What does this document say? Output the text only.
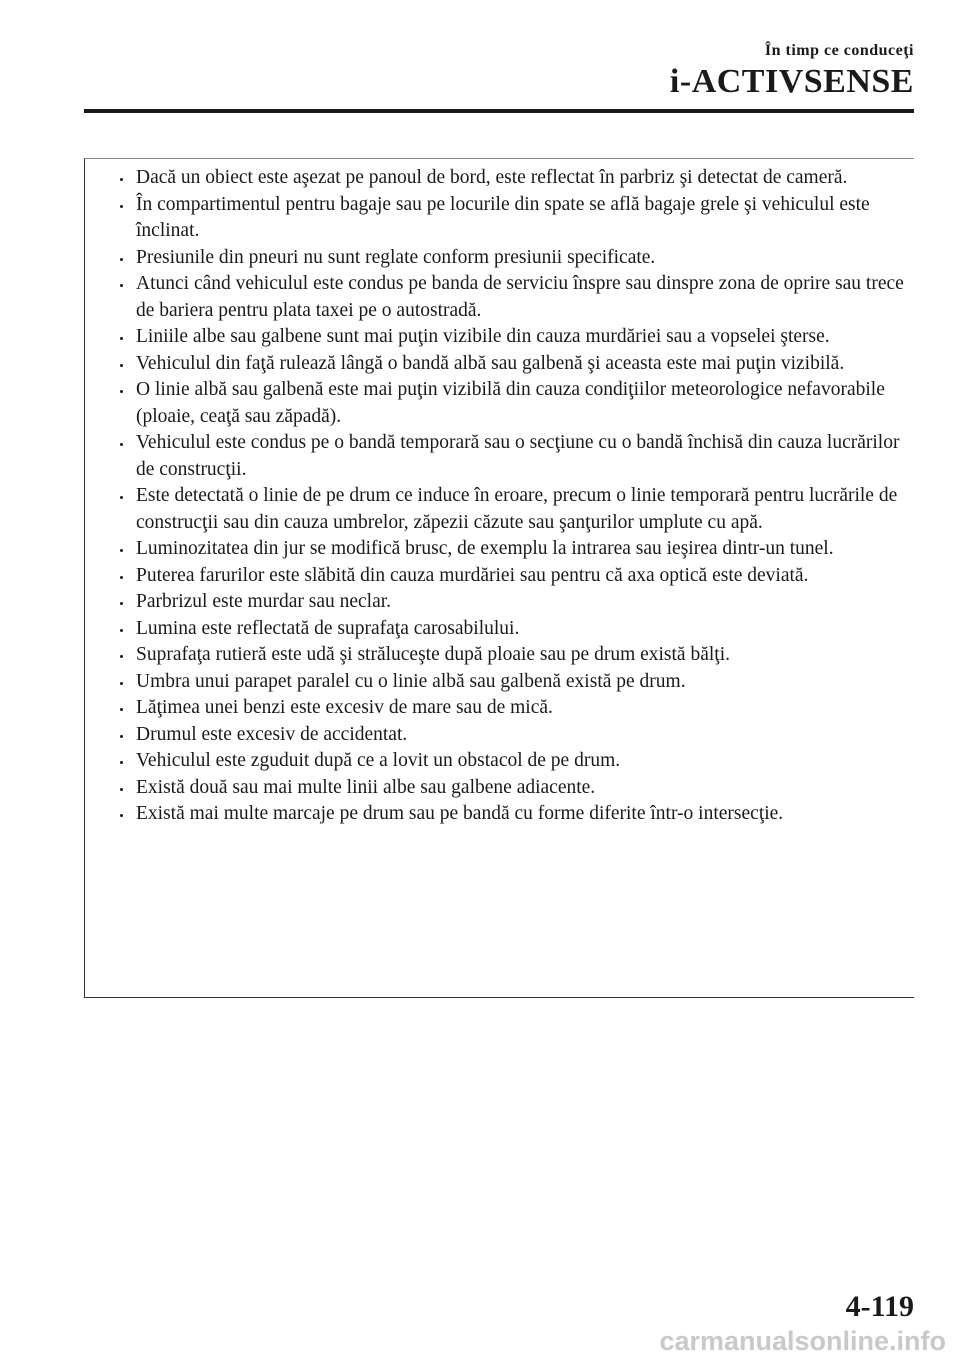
În timp ce conduceţi
i-ACTIVSENSE
Dacă un obiect este aşezat pe panoul de bord, este reflectat în parbriz şi detectat de cameră.
În compartimentul pentru bagaje sau pe locurile din spate se află bagaje grele şi vehiculul este înclinat.
Presiunile din pneuri nu sunt reglate conform presiunii specificate.
Atunci când vehiculul este condus pe banda de serviciu înspre sau dinspre zona de oprire sau trece de bariera pentru plata taxei pe o autostradă.
Liniile albe sau galbene sunt mai puţin vizibile din cauza murdăriei sau a vopselei şterse.
Vehiculul din faţă rulează lângă o bandă albă sau galbenă şi aceasta este mai puţin vizibilă.
O linie albă sau galbenă este mai puţin vizibilă din cauza condiţiilor meteorologice nefavorabile (ploaie, ceaţă sau zăpadă).
Vehiculul este condus pe o bandă temporară sau o secţiune cu o bandă închisă din cauza lucrărilor de construcţii.
Este detectată o linie de pe drum ce induce în eroare, precum o linie temporară pentru lucrările de construcţii sau din cauza umbrelor, zăpezii căzute sau şanţurilor umplute cu apă.
Luminozitatea din jur se modifică brusc, de exemplu la intrarea sau ieşirea dintr-un tunel.
Puterea farurilor este slăbită din cauza murdăriei sau pentru că axa optică este deviată.
Parbrizul este murdar sau neclar.
Lumina este reflectată de suprafaţa carosabilului.
Suprafaţa rutieră este udă şi străluceşte după ploaie sau pe drum există bălţi.
Umbra unui parapet paralel cu o linie albă sau galbenă există pe drum.
Lăţimea unei benzi este excesiv de mare sau de mică.
Drumul este excesiv de accidentat.
Vehiculul este zguduit după ce a lovit un obstacol de pe drum.
Există două sau mai multe linii albe sau galbene adiacente.
Există mai multe marcaje pe drum sau pe bandă cu forme diferite într-o intersecţie.
4-119
carmanualsonline.info
